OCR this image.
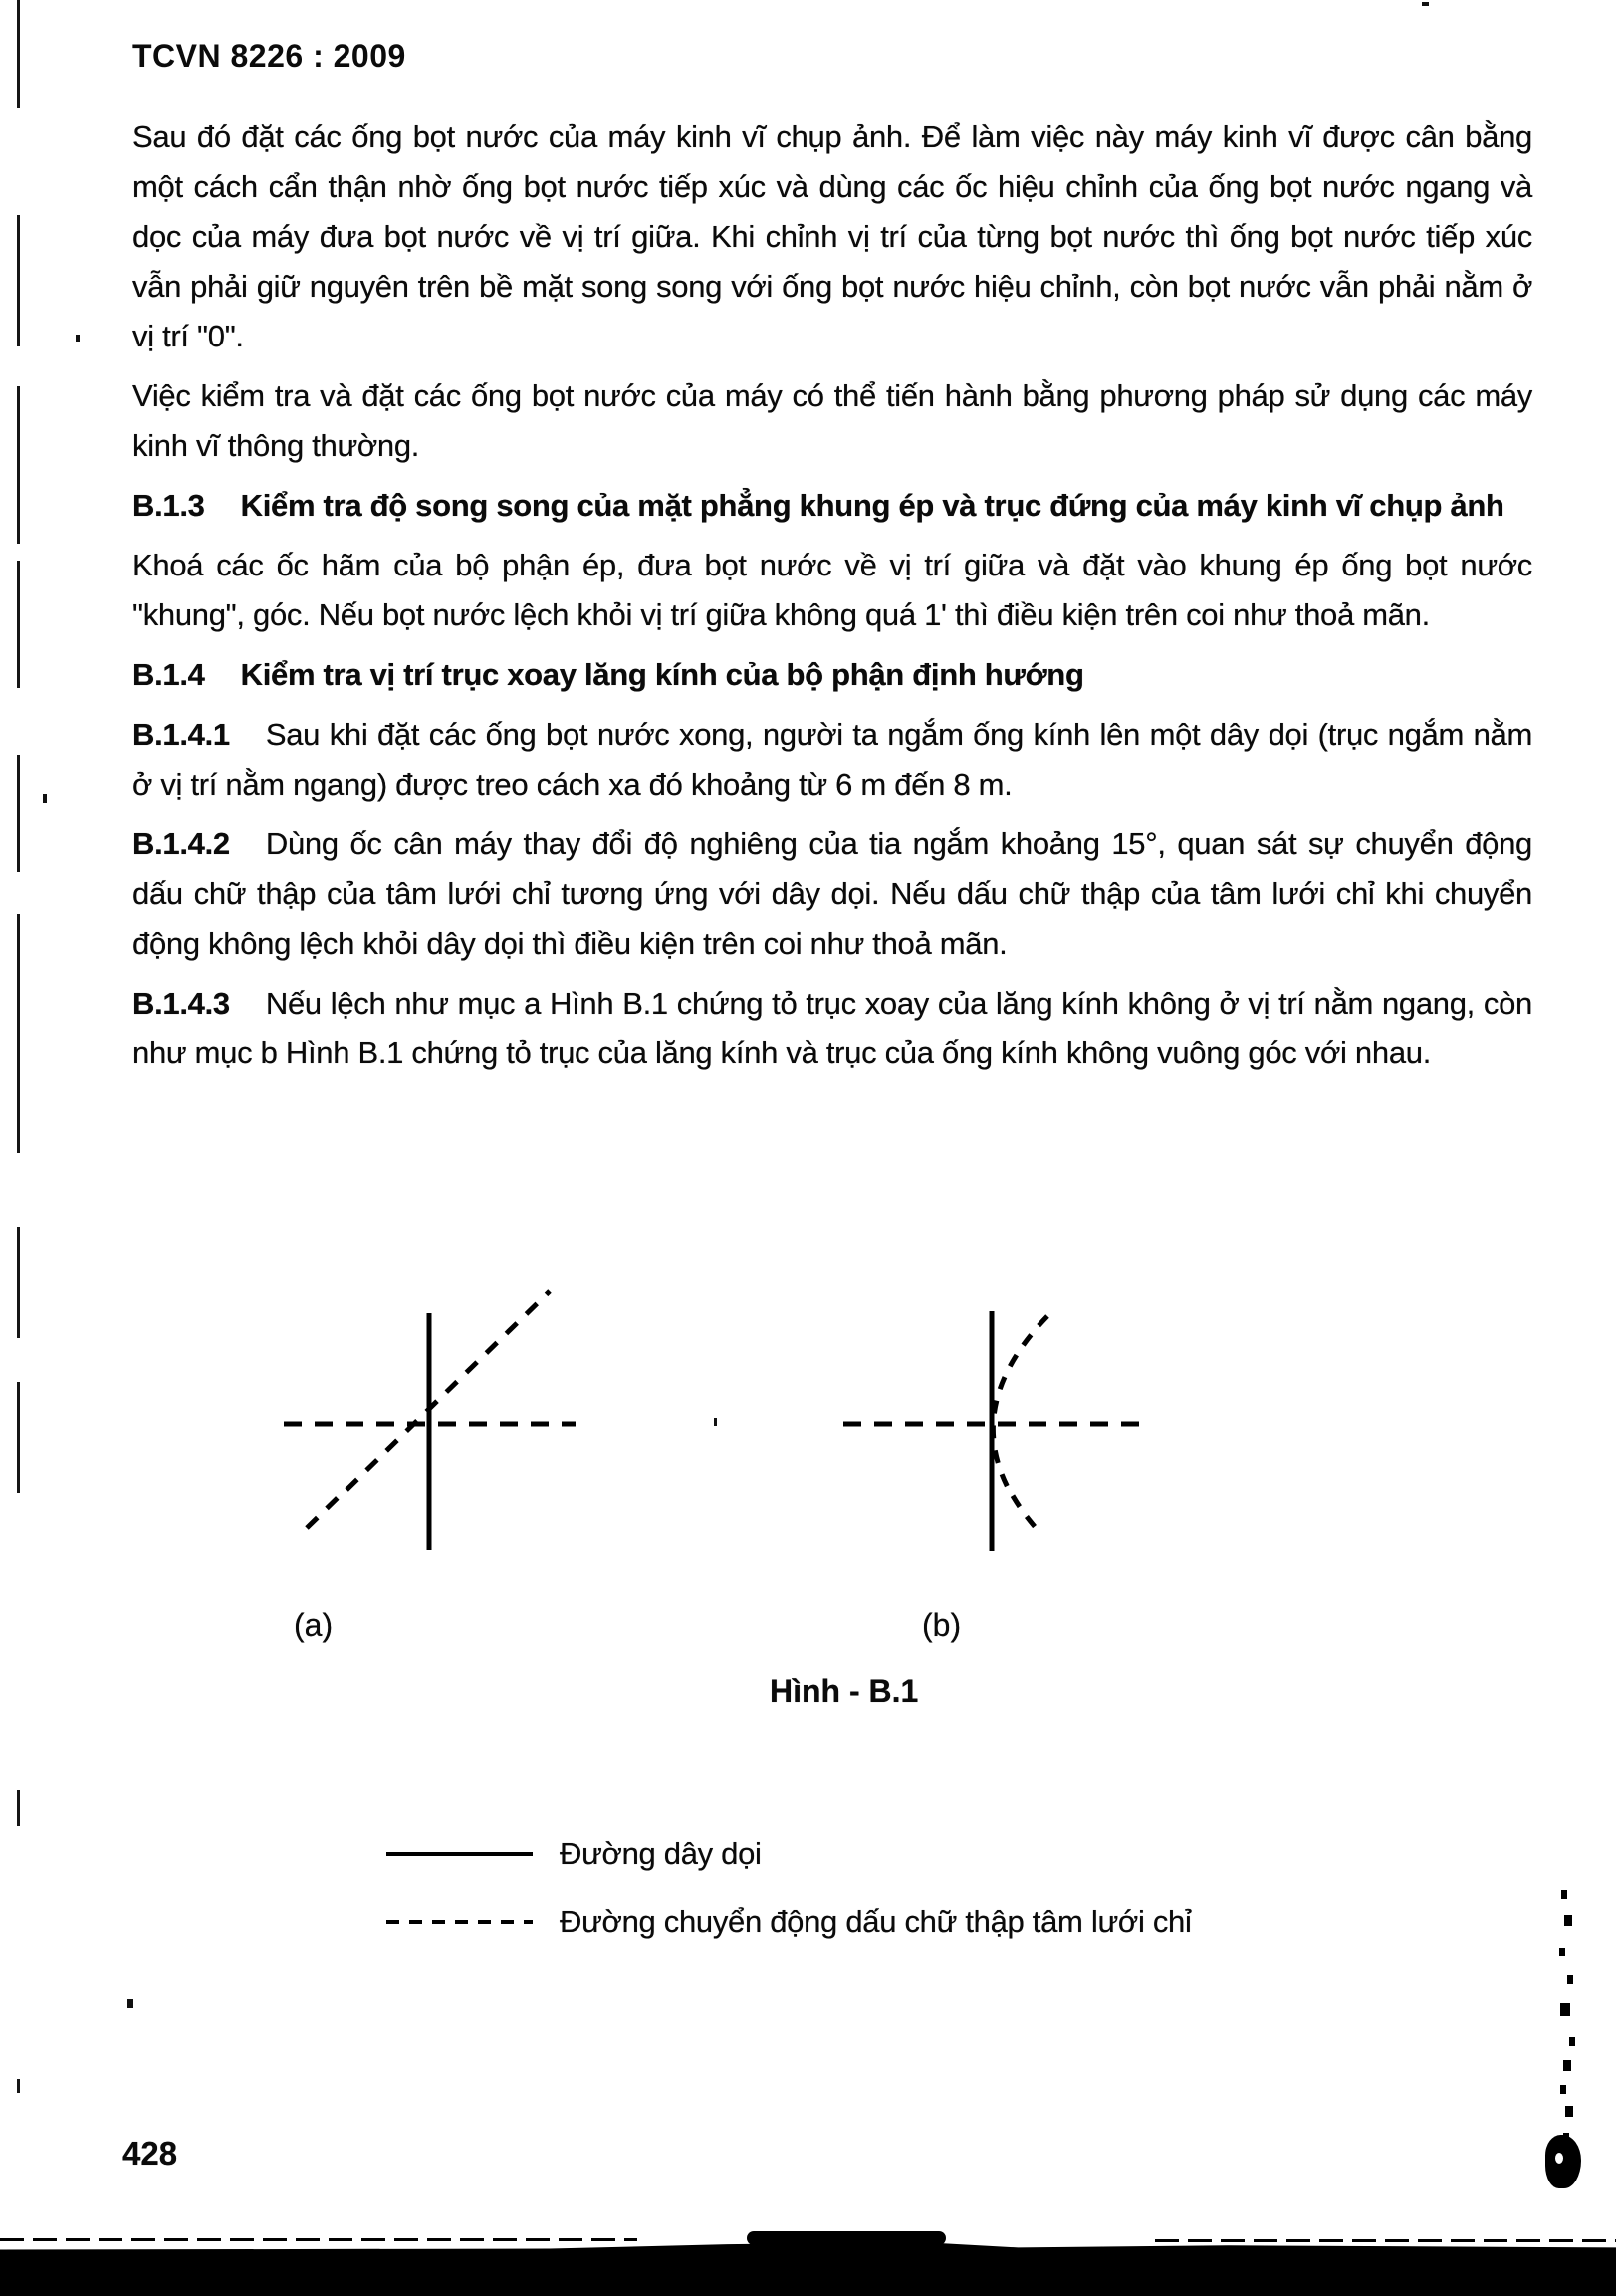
TCVN 8226 : 2009

Sau đó đặt các ống bọt nước của máy kinh vĩ chụp ảnh. Để làm việc này máy kinh vĩ được cân bằng một cách cẩn thận nhờ ống bọt nước tiếp xúc và dùng các ốc hiệu chỉnh của ống bọt nước ngang và dọc của máy đưa bọt nước về vị trí giữa. Khi chỉnh vị trí của từng bọt nước thì ống bọt nước tiếp xúc vẫn phải giữ nguyên trên bề mặt song song với ống bọt nước hiệu chỉnh, còn bọt nước vẫn phải nằm ở vị trí "0".

Việc kiểm tra và đặt các ống bọt nước của máy có thể tiến hành bằng phương pháp sử dụng các máy kinh vĩ thông thường.

B.1.3 Kiểm tra độ song song của mặt phẳng khung ép và trục đứng của máy kinh vĩ chụp ảnh

Khoá các ốc hãm của bộ phận ép, đưa bọt nước về vị trí giữa và đặt vào khung ép ống bọt nước "khung", góc. Nếu bọt nước lệch khỏi vị trí giữa không quá 1' thì điều kiện trên coi như thoả mãn.

B.1.4 Kiểm tra vị trí trục xoay lăng kính của bộ phận định hướng

B.1.4.1 Sau khi đặt các ống bọt nước xong, người ta ngắm ống kính lên một dây dọi (trục ngắm nằm ở vị trí nằm ngang) được treo cách xa đó khoảng từ 6 m đến 8 m.

B.1.4.2 Dùng ốc cân máy thay đổi độ nghiêng của tia ngắm khoảng 15°, quan sát sự chuyển động dấu chữ thập của tâm lưới chỉ tương ứng với dây dọi. Nếu dấu chữ thập của tâm lưới chỉ khi chuyển động không lệch khỏi dây dọi thì điều kiện trên coi như thoả mãn.

B.1.4.3 Nếu lệch như mục a Hình B.1 chứng tỏ trục xoay của lăng kính không ở vị trí nằm ngang, còn như mục b Hình B.1 chứng tỏ trục của lăng kính và trục của ống kính không vuông góc với nhau.

(a)	(b)
Hình - B.1
Đường dây dọi
Đường chuyển động dấu chữ thập tâm lưới chỉ
428
